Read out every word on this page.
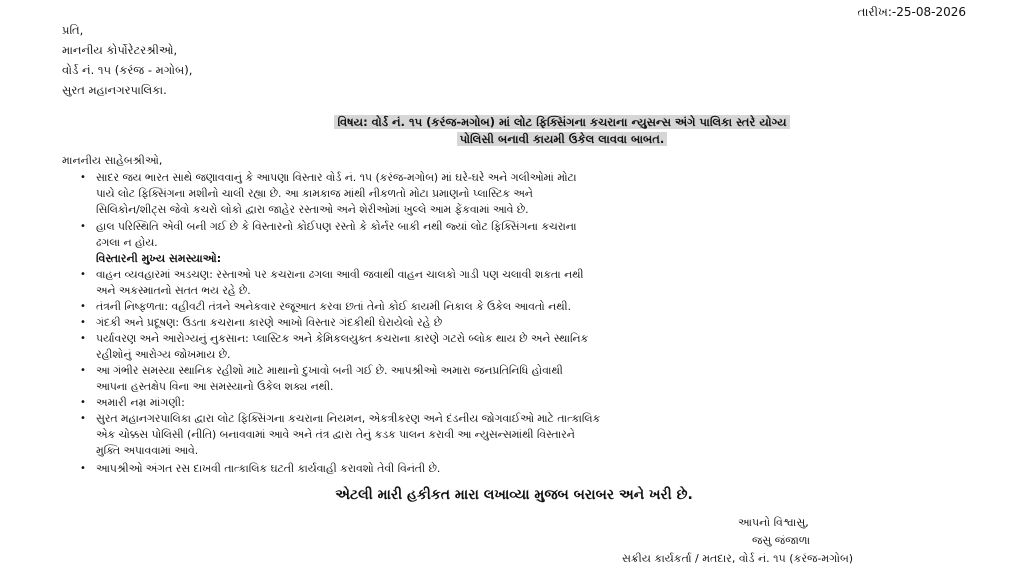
તારીખ:-25-08-2026
પ્રતિ,
માનનીય કોર્પોરેટરશ્રીઓ,
વોર્ડ નં. ૧૫ (કરંજ - મગોબ),
સુરત મહાનગરપાલિકા.
વિષય: વોર્ડ નં. ૧૫ (કરંજ-મગોબ) માં લોટ ફિક્સિંગના કચરાના ન્યુસન્સ અંગે પાલિકા સ્તરે યોગ્ય
પોલિસી બનાવી કાયમી ઉકેલ લાવવા બાબત.
માનનીય સાહેબશ્રીઓ,
• સાદર જય ભારત સાથે જણાવવાનું કે આપણા વિસ્તાર વોર્ડ નં. ૧૫ (કરંજ-મગોબ) માં ઘરે-ઘરે અને ગલીઓમાં મોટા
પાયે લોટ ફિક્સિંગના મશીનો ચાલી રહ્યા છે. આ કામકાજ માંથી નીકળતો મોટા પ્રમાણનો પ્લાસ્ટિક અને
સિલિકોન/શીટ્સ જેવો કચરો લોકો દ્વારા જાહેર રસ્તાઓ અને શેરીઓમાં ખુલ્લે આમ ફેંકવામાં આવે છે.
• હાલ પરિસ્થિતિ એવી બની ગઈ છે કે વિસ્તારનો કોઈપણ રસ્તો કે કોર્નર બાકી નથી જ્યાં લોટ ફિક્સિંગના કચરાના
ઢગલા ન હોય.
વિસ્તારની મુખ્ય સમસ્યાઓ:
• વાહન વ્યવહારમાં અડચણ: રસ્તાઓ પર કચરાના ઢગલા આવી જવાથી વાહન ચાલકો ગાડી પણ ચલાવી શકતા નથી
અને અકસ્માતનો સતત ભય રહે છે.
• તંત્રની નિષ્ફળતા: વહીવટી તંત્રને અનેકવાર રજૂઆત કરવા છતાં તેનો કોઈ કાયમી નિકાલ કે ઉકેલ આવતો નથી.
• ગંદકી અને પ્રદૂષણ: ઉડતા કચરાના કારણે આખો વિસ્તાર ગંદકીથી ઘેરાયેલો રહે છે
• પર્યાવરણ અને આરોગ્યનું નુકસાન: પ્લાસ્ટિક અને કેમિકલયુક્ત કચરાના કારણે ગટરો બ્લોક થાય છે અને સ્થાનિક
રહીશોનું આરોગ્ય જોખમાય છે.
• આ ગંભીર સમસ્યા સ્થાનિક રહીશો માટે માથાનો દુખાવો બની ગઈ છે. આપશ્રીઓ અમારા જનપ્રતિનિધિ હોવાથી
આપના હસ્તક્ષેપ વિના આ સમસ્યાનો ઉકેલ શક્ય નથી.
• અમારી નમ્ર માંગણી:
• સુરત મહાનગરપાલિકા દ્વારા લોટ ફિક્સિંગના કચરાના નિયમન, એકત્રીકરણ અને દંડનીય જોગવાઈઓ માટે તાત્કાલિક
એક ચોક્કસ પોલિસી (નીતિ) બનાવવામાં આવે અને તંત્ર દ્વારા તેનું કડક પાલન કરાવી આ ન્યુસન્સમાંથી વિસ્તારને
મુક્તિ અપાવવામાં આવે.
• આપશ્રીઓ અંગત રસ દાખવી તાત્કાલિક ઘટતી કાર્યવાહી કરાવશો તેવી વિનંતી છે.
એટલી મારી હકીકત મારા લખાવ્યા મુજબ બરાબર અને ખરી છે.
આપનો વિશ્વાસુ,
જસુ જંજાળા
સક્રીય કાર્યકર્તા / મતદાર, વોર્ડ નં. ૧૫ (કરંજ-મગોબ)
